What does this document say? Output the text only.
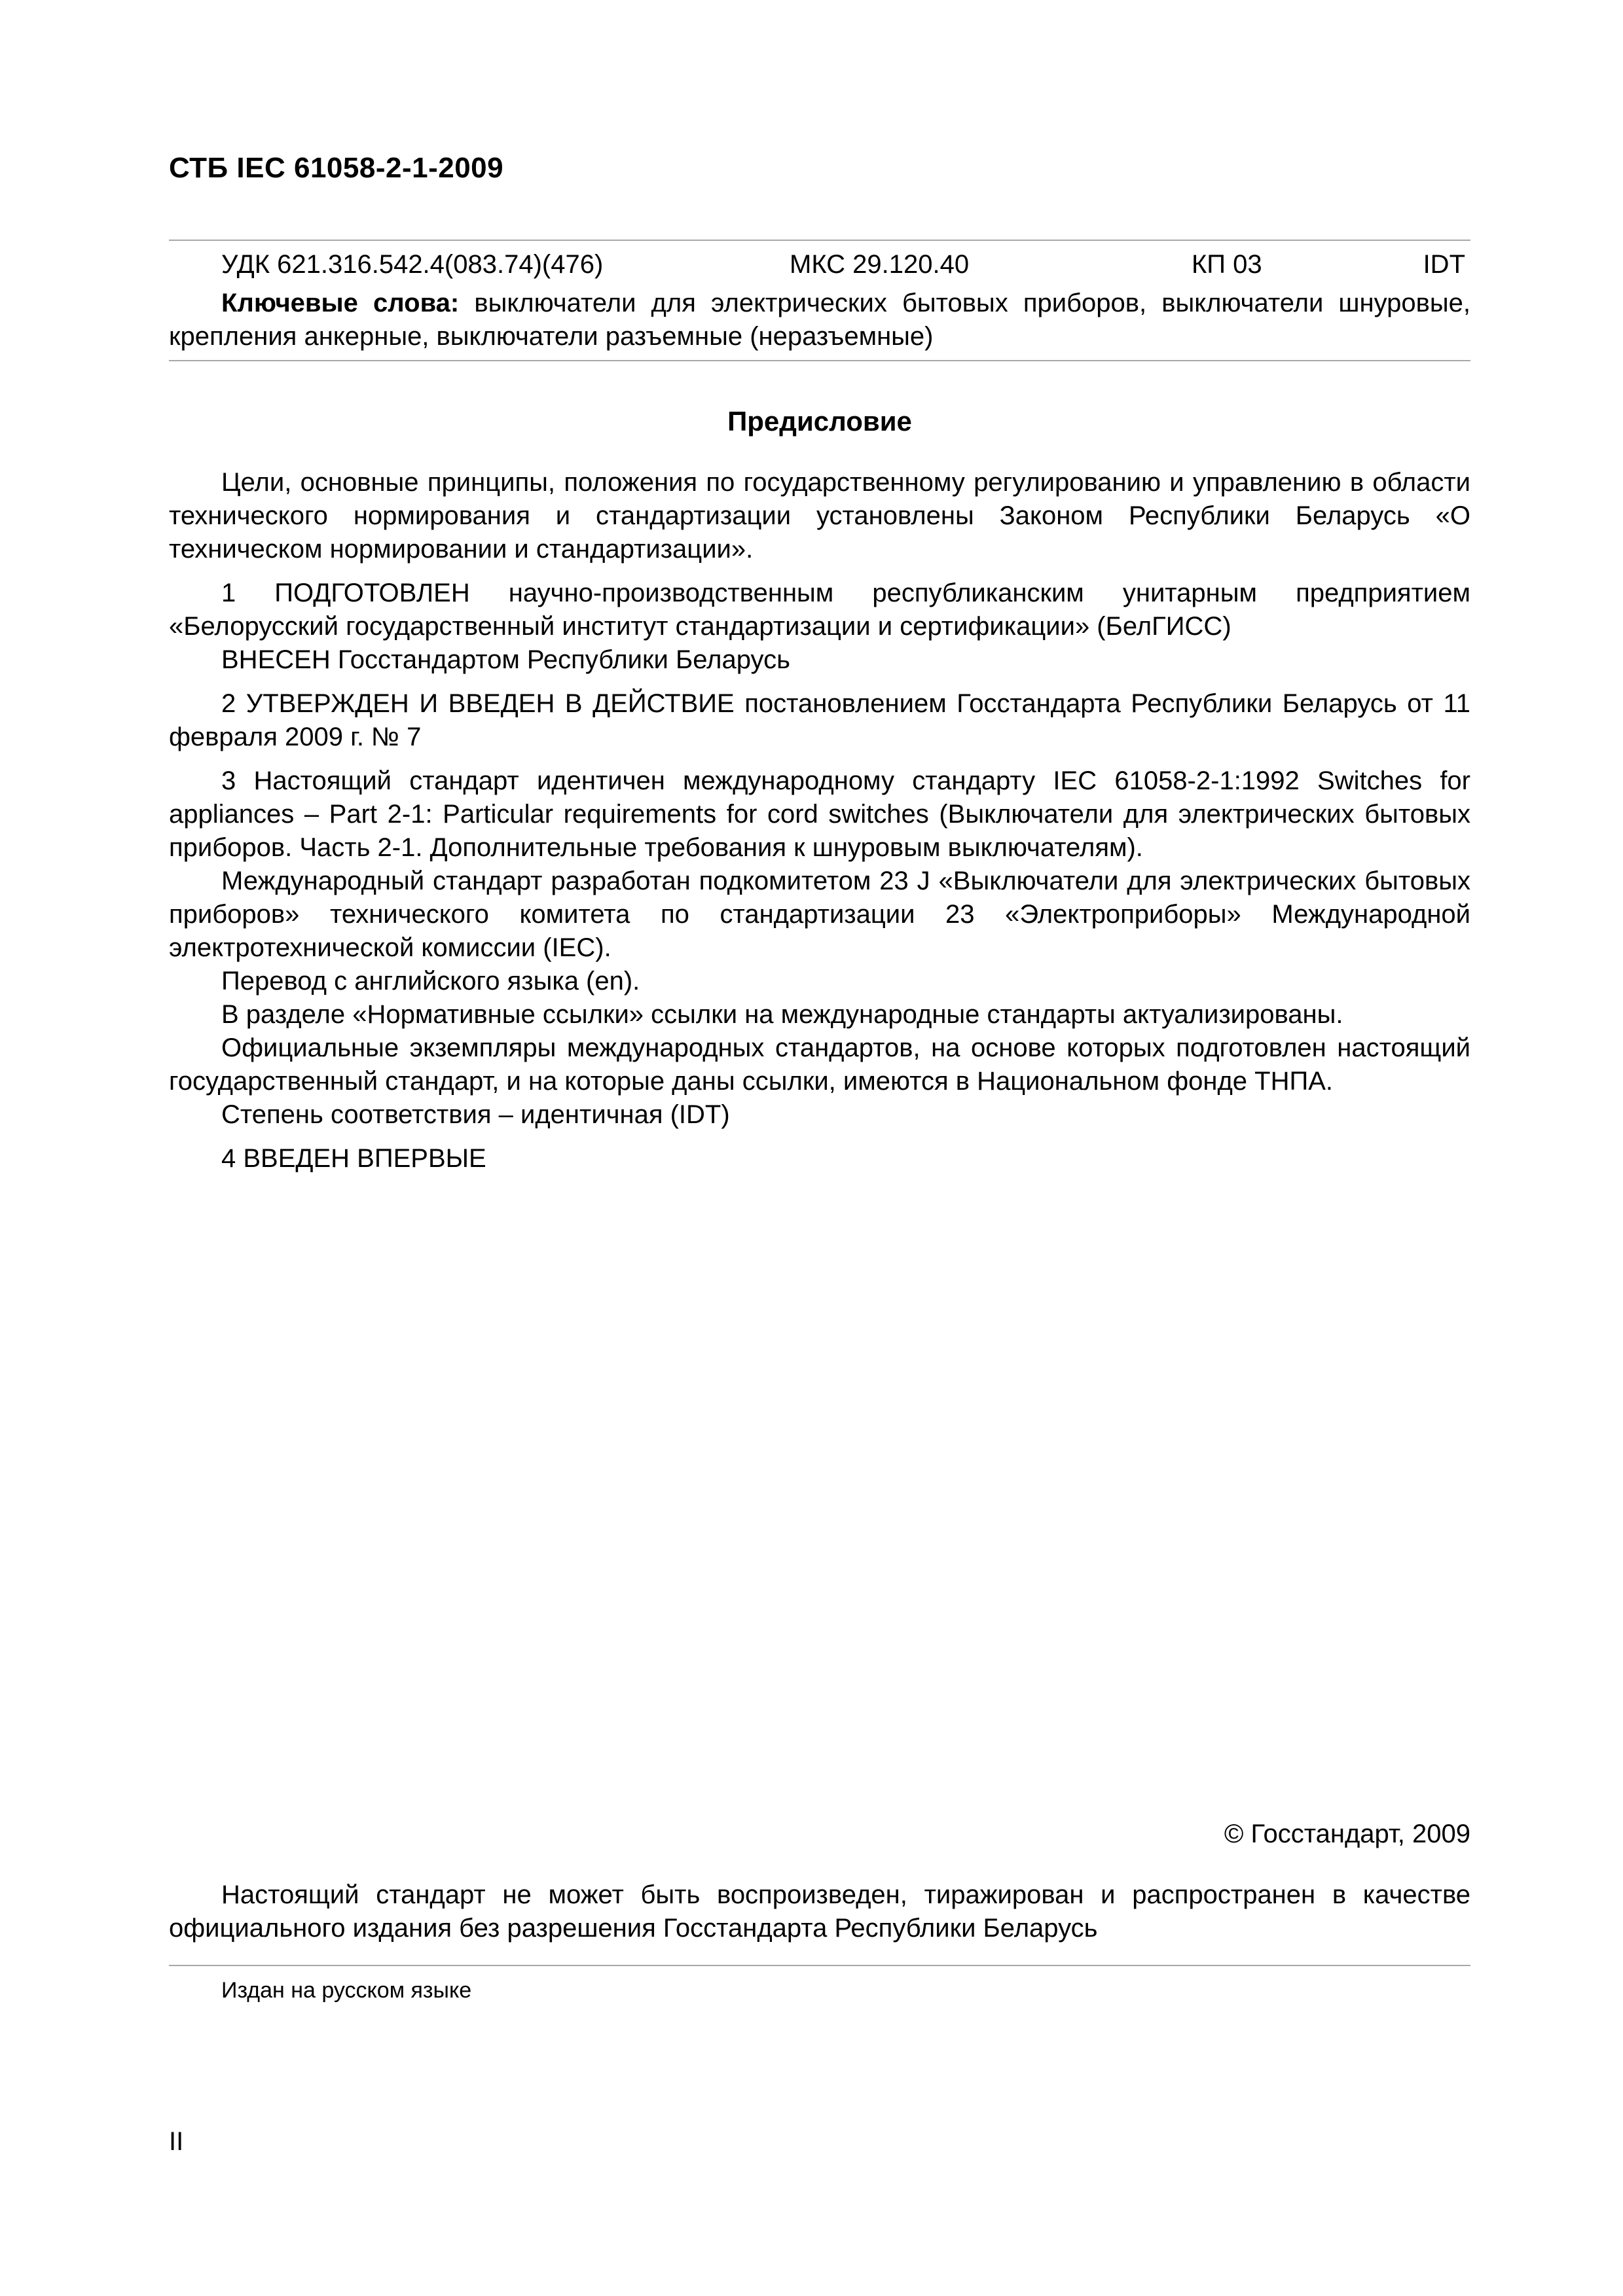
СТБ IEC 61058-2-1-2009
УДК 621.316.542.4(083.74)(476)	МКС 29.120.40	КП 03	IDT

Ключевые слова: выключатели для электрических бытовых приборов, выключатели шнуровые, крепления анкерные, выключатели разъемные (неразъемные)

Предисловие

Цели, основные принципы, положения по государственному регулированию и управлению в области технического нормирования и стандартизации установлены Законом Республики Беларусь «О техническом нормировании и стандартизации».

1 ПОДГОТОВЛЕН научно-производственным республиканским унитарным предприятием «Белорусский государственный институт стандартизации и сертификации» (БелГИСС)

ВНЕСЕН Госстандартом Республики Беларусь

2 УТВЕРЖДЕН И ВВЕДЕН В ДЕЙСТВИЕ постановлением Госстандарта Республики Беларусь от 11 февраля 2009 г. № 7

3 Настоящий стандарт идентичен международному стандарту IEC 61058-2-1:1992 Switches for appliances – Part 2-1: Particular requirements for cord switches (Выключатели для электрических бытовых приборов. Часть 2-1. Дополнительные требования к шнуровым выключателям).

Международный стандарт разработан подкомитетом 23 J «Выключатели для электрических бытовых приборов» технического комитета по стандартизации 23 «Электроприборы» Международной электротехнической комиссии (IEC).

Перевод с английского языка (en).

В разделе «Нормативные ссылки» ссылки на международные стандарты актуализированы.

Официальные экземпляры международных стандартов, на основе которых подготовлен настоящий государственный стандарт, и на которые даны ссылки, имеются в Национальном фонде ТНПА.

Степень соответствия – идентичная (IDT)

4 ВВЕДЕН ВПЕРВЫЕ

© Госстандарт, 2009

Настоящий стандарт не может быть воспроизведен, тиражирован и распространен в качестве официального издания без разрешения Госстандарта Республики Беларусь

Издан на русском языке
II
